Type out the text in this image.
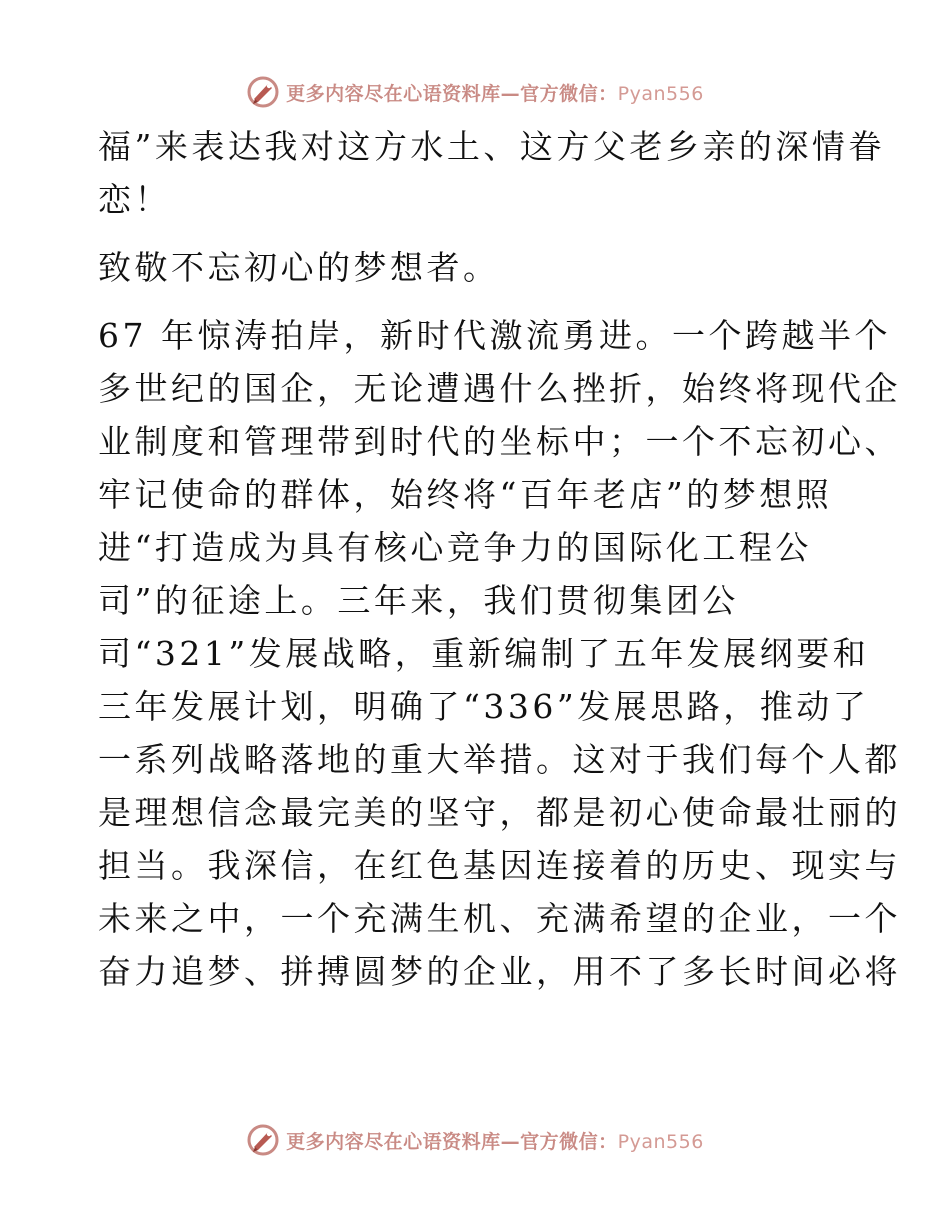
更多内容尽在心语资料库—官方微信：Pyan556
福”来表达我对这方水土、这方父老乡亲的深情眷
恋！
致敬不忘初心的梦想者。
67 年惊涛拍岸，新时代激流勇进。一个跨越半个
多世纪的国企，无论遭遇什么挫折，始终将现代企
业制度和管理带到时代的坐标中；一个不忘初心、
牢记使命的群体，始终将“百年老店”的梦想照
进“打造成为具有核心竞争力的国际化工程公
司”的征途上。三年来，我们贯彻集团公
司“321”发展战略，重新编制了五年发展纲要和
三年发展计划，明确了“336”发展思路，推动了
一系列战略落地的重大举措。这对于我们每个人都
是理想信念最完美的坚守，都是初心使命最壮丽的
担当。我深信，在红色基因连接着的历史、现实与
未来之中，一个充满生机、充满希望的企业，一个
奋力追梦、拼搏圆梦的企业，用不了多长时间必将
更多内容尽在心语资料库—官方微信：Pyan556
